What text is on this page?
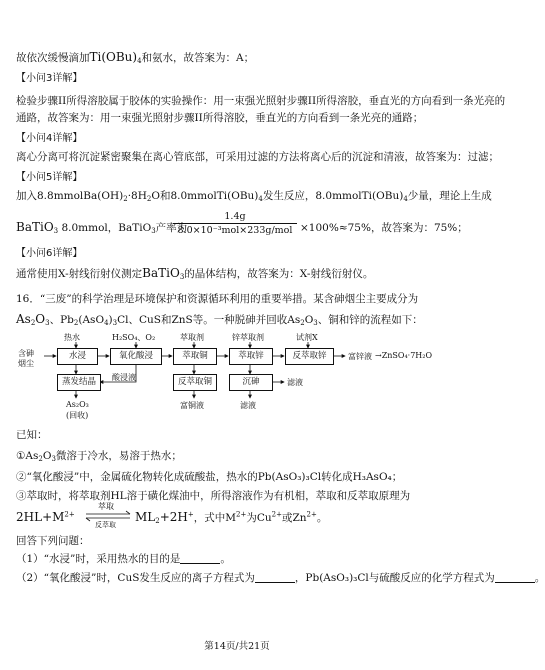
故依次缓慢滴加$Ti(OBu)_4$和氨水，故答案为：A；
【小问3详解】
检验步骤II所得溶胶属于胶体的实验操作：用一束强光照射步骤II所得溶胶，垂直光的方向看到一条光亮的
通路，故答案为：用一束强光照射步骤II所得溶胶，垂直光的方向看到一条光亮的通路；
【小问4详解】
离心分离可将沉淀紧密聚集在离心管底部，可采用过滤的方法将离心后的沉淀和清液，故答案为：过滤；
【小问5详解】
加入$8.8mmolBa(OH)_2\cdot 8H_2O$和$8.0mmolTi(OBu)_4$发生反应，$8.0mmolTi(OBu)_4$少量，理论上生成
BaTiO$_3$ 8.0mmol，BaTiO$_3$产率为
1.4g
8.0×10⁻³mol×233g/mol ×100%≈75%，故答案为：75%；
【小问6详解】
通常使用X-射线衍射仪测定BaTiO$_3$的晶体结构，故答案为：X-射线衍射仪。
16．“三废”的科学治理是环境保护和资源循环利用的重要举措。某含砷烟尘主要成分为
$As_2O_3$、$Pb_2(AsO_4)_3Cl$、CuS和ZnS等。一种脱砷并回收$As_2O_3$、铜和锌的流程如下：
含砷
烟尘
热水
水浸
H₂SO₄、O₂
氧化酸浸
酸浸液
萃取剂
萃取铜
锌萃取剂
萃取锌
试剂X
反萃取锌	富锌液 →ZnSO₄·7H₂O
蒸发结晶	反萃取铜	沉砷	滤液
As₂O₃
(回收)
富铜液	滤液
已知：
$①As_2O_3$微溶于冷水，易溶于热水；
②“氧化酸浸”中，金属硫化物转化成硫酸盐，热水的Pb(AsO₃)₃Cl转化成H₃AsO₄；
③萃取时，将萃取剂HL溶于磺化煤油中，所得溶液作为有机相，萃取和反萃取原理为
$2HL+M^{2+}$
萃取
反萃取
$ML_2+2H^+$，式中$M^{2+}$为$Cu^{2+}$或$Zn^{2+}$。
回答下列问题：
（1）“水浸”时，采用热水的目的是	。
（2）“氧化酸浸”时，CuS发生反应的离子方程式为	，Pb(AsO₃)₃Cl与硫酸反应的化学方程式为	。
第14页/共21页
